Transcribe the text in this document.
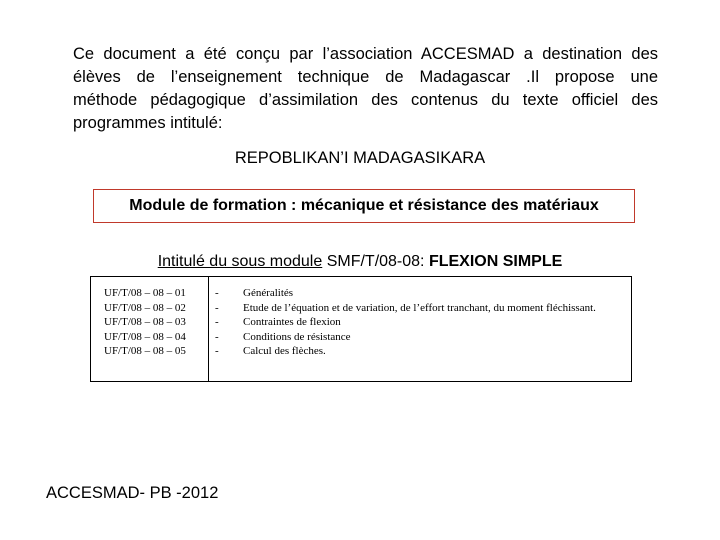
Ce document a été conçu par l’association ACCESMAD a destination des
élèves de l’enseignement technique de Madagascar .Il propose une
méthode pédagogique d’assimilation des contenus du texte officiel des
programmes intitulé:
REPOBLIKAN’I MADAGASIKARA
Module de formation : mécanique et résistance des matériaux
Intitulé du sous module SMF/T/08-08: FLEXION SIMPLE
UF/T/08 – 08 – 01
UF/T/08 – 08 – 02
UF/T/08 – 08 – 03
UF/T/08 – 08 – 04
UF/T/08 – 08 – 05
-
-
-
-
-
Généralités
Etude de l’équation et de variation, de l’effort tranchant, du moment fléchissant.
Contraintes de flexion
Conditions de résistance
Calcul des flèches.
ACCESMAD- PB -2012
